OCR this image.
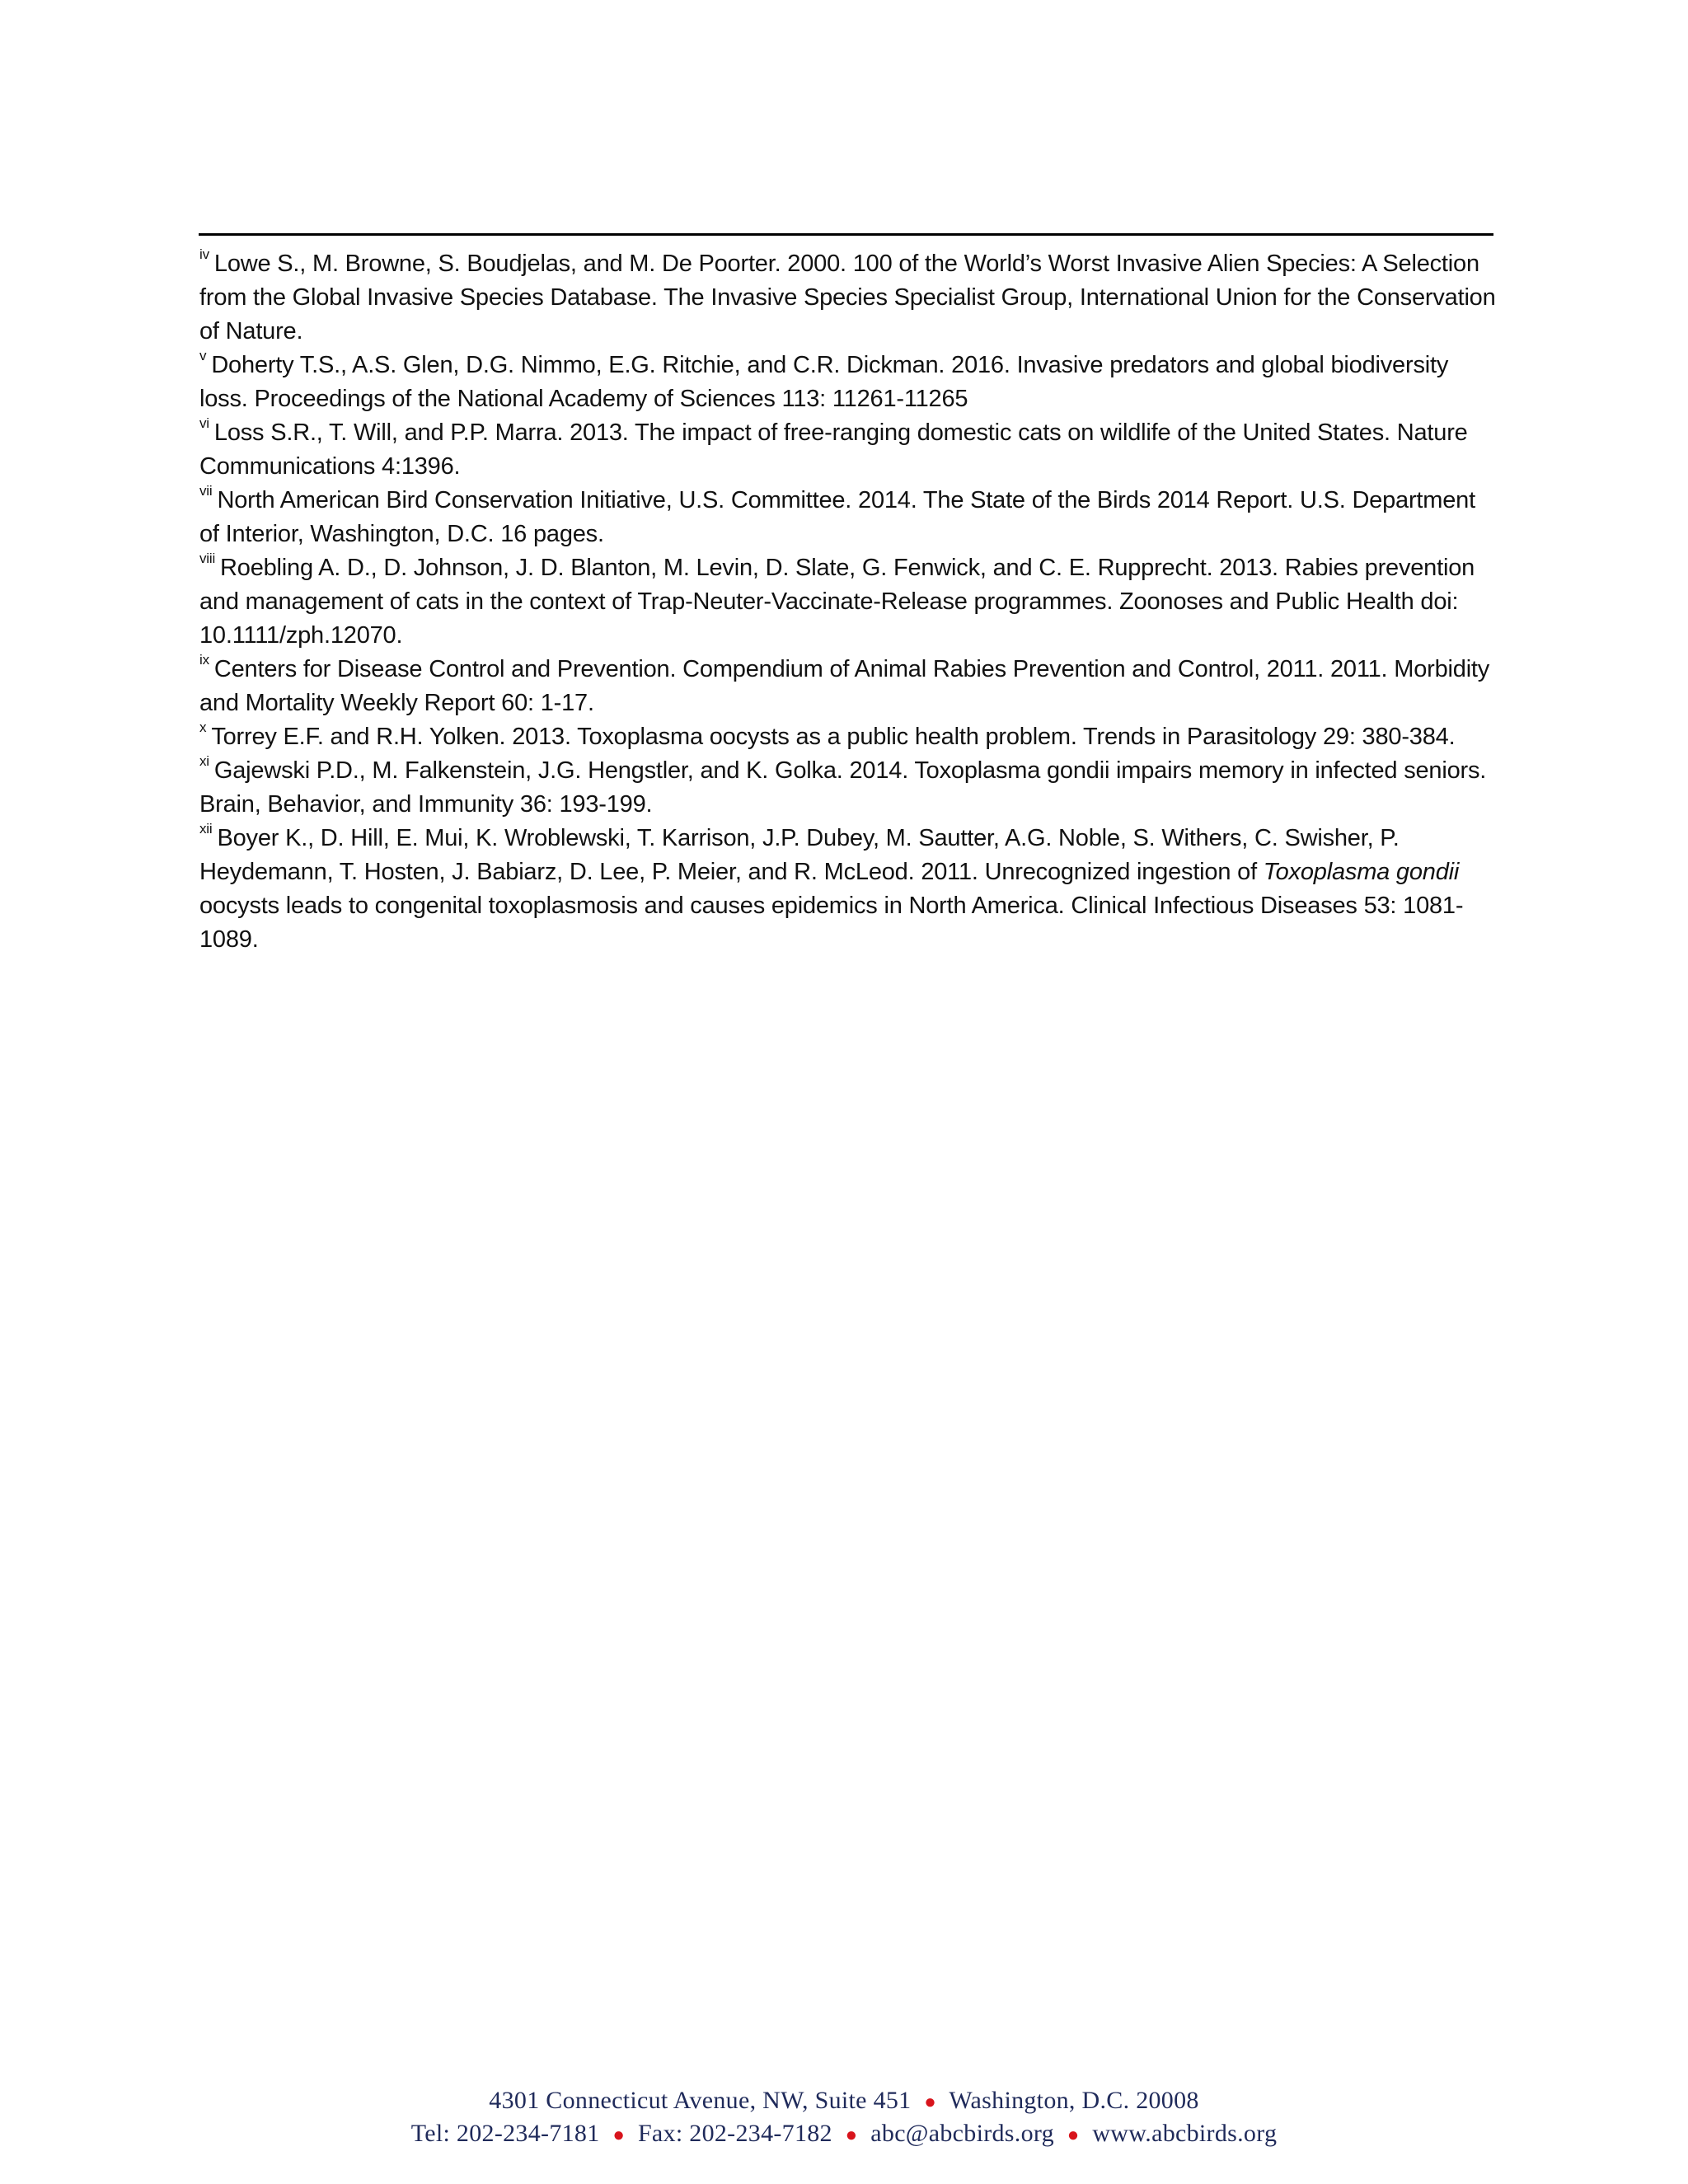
$^{iv}$ Lowe S., M. Browne, S. Boudjelas, and M. De Poorter. 2000. 100 of the World’s Worst Invasive Alien Species: A Selection from the Global Invasive Species Database. The Invasive Species Specialist Group, International Union for the Conservation of Nature.

$^v$ Doherty T.S., A.S. Glen, D.G. Nimmo, E.G. Ritchie, and C.R. Dickman. 2016. Invasive predators and global biodiversity loss. Proceedings of the National Academy of Sciences 113: 11261-11265

$^{vi}$ Loss S.R., T. Will, and P.P. Marra. 2013. The impact of free-ranging domestic cats on wildlife of the United States. Nature Communications 4:1396.

$^{vii}$ North American Bird Conservation Initiative, U.S. Committee. 2014. The State of the Birds 2014 Report. U.S. Department of Interior, Washington, D.C. 16 pages.

$^{viii}$ Roebling A. D., D. Johnson, J. D. Blanton, M. Levin, D. Slate, G. Fenwick, and C. E. Rupprecht. 2013. Rabies prevention and management of cats in the context of Trap-Neuter-Vaccinate-Release programmes. Zoonoses and Public Health doi: 10.1111/zph.12070.

$^{ix}$ Centers for Disease Control and Prevention. Compendium of Animal Rabies Prevention and Control, 2011. 2011. Morbidity and Mortality Weekly Report 60: 1-17.

$^x$ Torrey E.F. and R.H. Yolken. 2013. Toxoplasma oocysts as a public health problem. Trends in Parasitology 29: 380-384.

$^{xi}$ Gajewski P.D., M. Falkenstein, J.G. Hengstler, and K. Golka. 2014. Toxoplasma gondii impairs memory in infected seniors. Brain, Behavior, and Immunity 36: 193-199.

$^{xii}$ Boyer K., D. Hill, E. Mui, K. Wroblewski, T. Karrison, J.P. Dubey, M. Sautter, A.G. Noble, S. Withers, C. Swisher, P. Heydemann, T. Hosten, J. Babiarz, D. Lee, P. Meier, and R. McLeod. 2011. Unrecognized ingestion of Toxoplasma gondii oocysts leads to congenital toxoplasmosis and causes epidemics in North America. Clinical Infectious Diseases 53: 1081-1089.

4301 Connecticut Avenue, NW, Suite 451 ● Washington, D.C. 20008
Tel: 202-234-7181 ● Fax: 202-234-7182 ● abc@abcbirds.org ● www.abcbirds.org
